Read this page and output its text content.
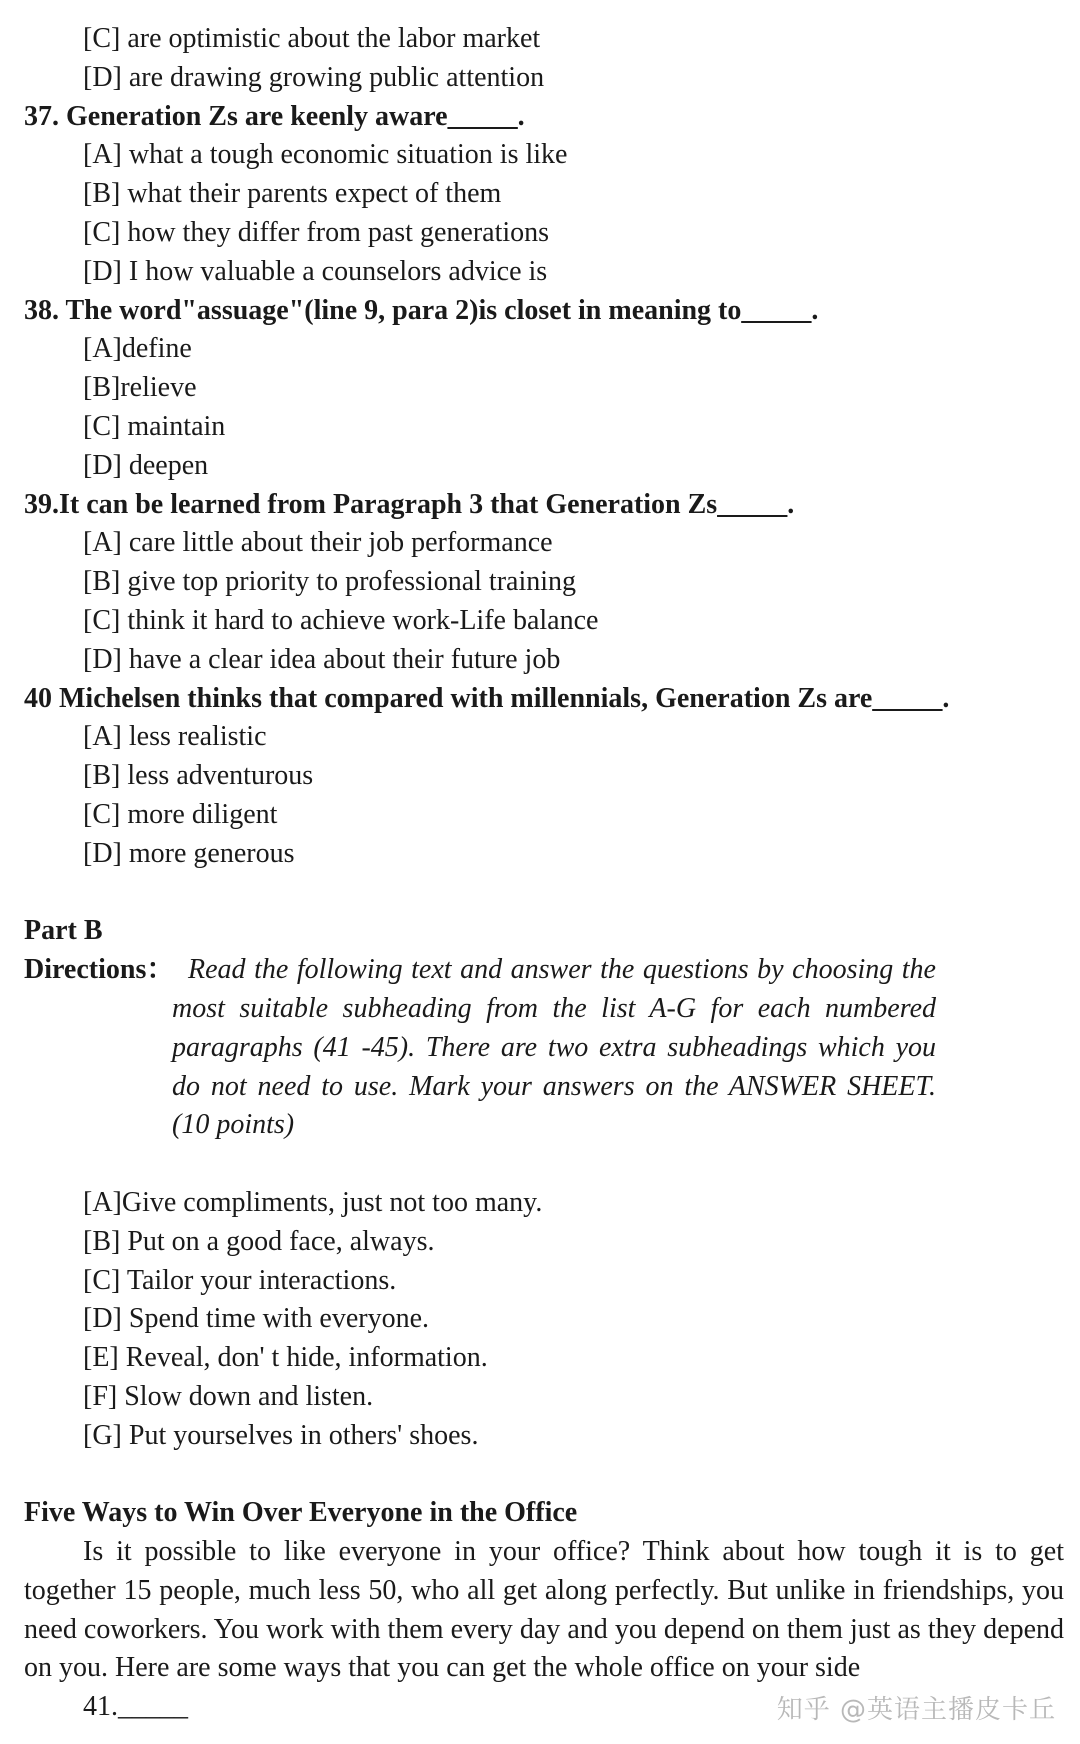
[C] are optimistic about the labor market

[D] are drawing growing public attention

37. Generation Zs are keenly aware_____.

[A] what a tough economic situation is like

[B] what their parents expect of them

[C] how they differ from past generations

[D] I how valuable a counselors advice is

38. The word"assuage"(line 9, para 2)is closet in meaning to_____.

[A]define

[B]relieve

[C] maintain

[D] deepen

39.It can be learned from Paragraph 3 that Generation Zs_____.

[A] care little about their job performance

[B] give top priority to professional training

[C] think it hard to achieve work-Life balance

[D] have a clear idea about their future job

40 Michelsen thinks that compared with millennials, Generation Zs are_____.

[A] less realistic

[B] less adventurous

[C] more diligent

[D] more generous

Part B

Directions： Read the following text and answer the questions by choosing the most suitable subheading from the list A-G for each numbered paragraphs (41 -45). There are two extra subheadings which you do not need to use. Mark your answers on the ANSWER SHEET. (10 points)

[A]Give compliments, just not too many.

[B] Put on a good face, always.

[C] Tailor your interactions.

[D] Spend time with everyone.

[E] Reveal, don' t hide, information.

[F] Slow down and listen.

[G] Put yourselves in others' shoes.

Five Ways to Win Over Everyone in the Office

Is it possible to like everyone in your office? Think about how tough it is to get together 15 people, much less 50, who all get along perfectly. But unlike in friendships, you need coworkers. You work with them every day and you depend on them just as they depend on you. Here are some ways that you can get the whole office on your side

41._____	知乎 @英语主播皮卡丘
